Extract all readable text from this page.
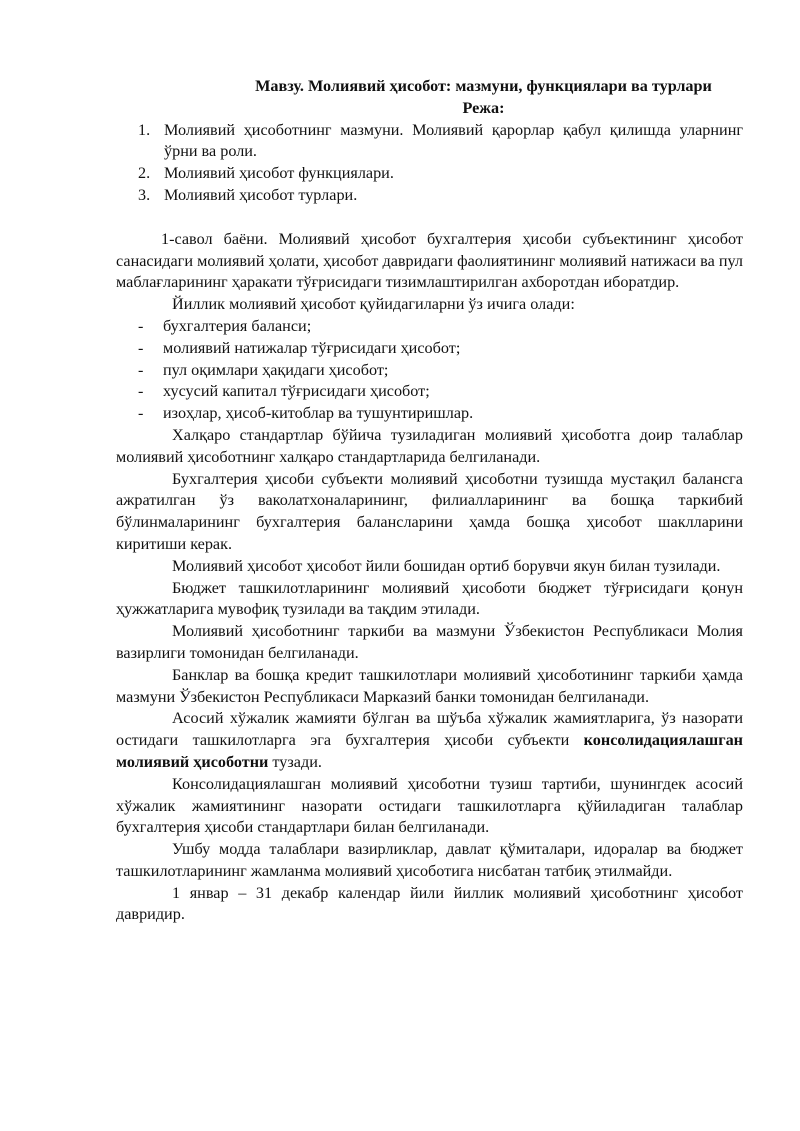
Мавзу. Молиявий ҳисобот: мазмуни, функциялари ва турлари
Режа:
1. Молиявий ҳисоботнинг мазмуни. Молиявий қарорлар қабул қилишда уларнинг ўрни ва роли.
2. Молиявий ҳисобот функциялари.
3. Молиявий ҳисобот турлари.

1-савол баёни. Молиявий ҳисобот бухгалтерия ҳисоби субъектининг ҳисобот санасидаги молиявий ҳолати, ҳисобот давридаги фаолиятининг молиявий натижаси ва пул маблағларининг ҳаракати тўғрисидаги тизимлаштирилган ахборотдан иборатдир.

Йиллик молиявий ҳисобот қуйидагиларни ўз ичига олади:

- бухгалтерия баланси;
- молиявий натижалар тўғрисидаги ҳисобот;
- пул оқимлари ҳақидаги ҳисобот;
- хусусий капитал тўғрисидаги ҳисобот;
- изоҳлар, ҳисоб-китоблар ва тушунтиришлар.

Халқаро стандартлар бўйича тузиладиган молиявий ҳисоботга доир талаблар молиявий ҳисоботнинг халқаро стандартларида белгиланади.

Бухгалтерия ҳисоби субъекти молиявий ҳисоботни тузишда мустақил балансга ажратилган ўз ваколатхоналарининг, филиалларининг ва бошқа таркибий бўлинмаларининг бухгалтерия балансларини ҳамда бошқа ҳисобот шаклларини киритиши керак.

Молиявий ҳисобот ҳисобот йили бошидан ортиб борувчи якун билан тузилади.

Бюджет ташкилотларининг молиявий ҳисоботи бюджет тўғрисидаги қонун ҳужжатларига мувофиқ тузилади ва тақдим этилади.

Молиявий ҳисоботнинг таркиби ва мазмуни Ўзбекистон Республикаси Молия вазирлиги томонидан белгиланади.

Банклар ва бошқа кредит ташкилотлари молиявий ҳисоботининг таркиби ҳамда мазмуни Ўзбекистон Республикаси Марказий банки томонидан белгиланади.

Асосий хўжалик жамияти бўлган ва шўъба хўжалик жамиятларига, ўз назорати остидаги ташкилотларга эга бухгалтерия ҳисоби субъекти консолидациялашган молиявий ҳисоботни тузади.

Консолидациялашган молиявий ҳисоботни тузиш тартиби, шунингдек асосий хўжалик жамиятининг назорати остидаги ташкилотларга қўйиладиган талаблар бухгалтерия ҳисоби стандартлари билан белгиланади.

Ушбу модда талаблари вазирликлар, давлат қўмиталари, идоралар ва бюджет ташкилотларининг жамланма молиявий ҳисоботига нисбатан татбиқ этилмайди.

1 январ – 31 декабр календар йили йиллик молиявий ҳисоботнинг ҳисобот давридир.
